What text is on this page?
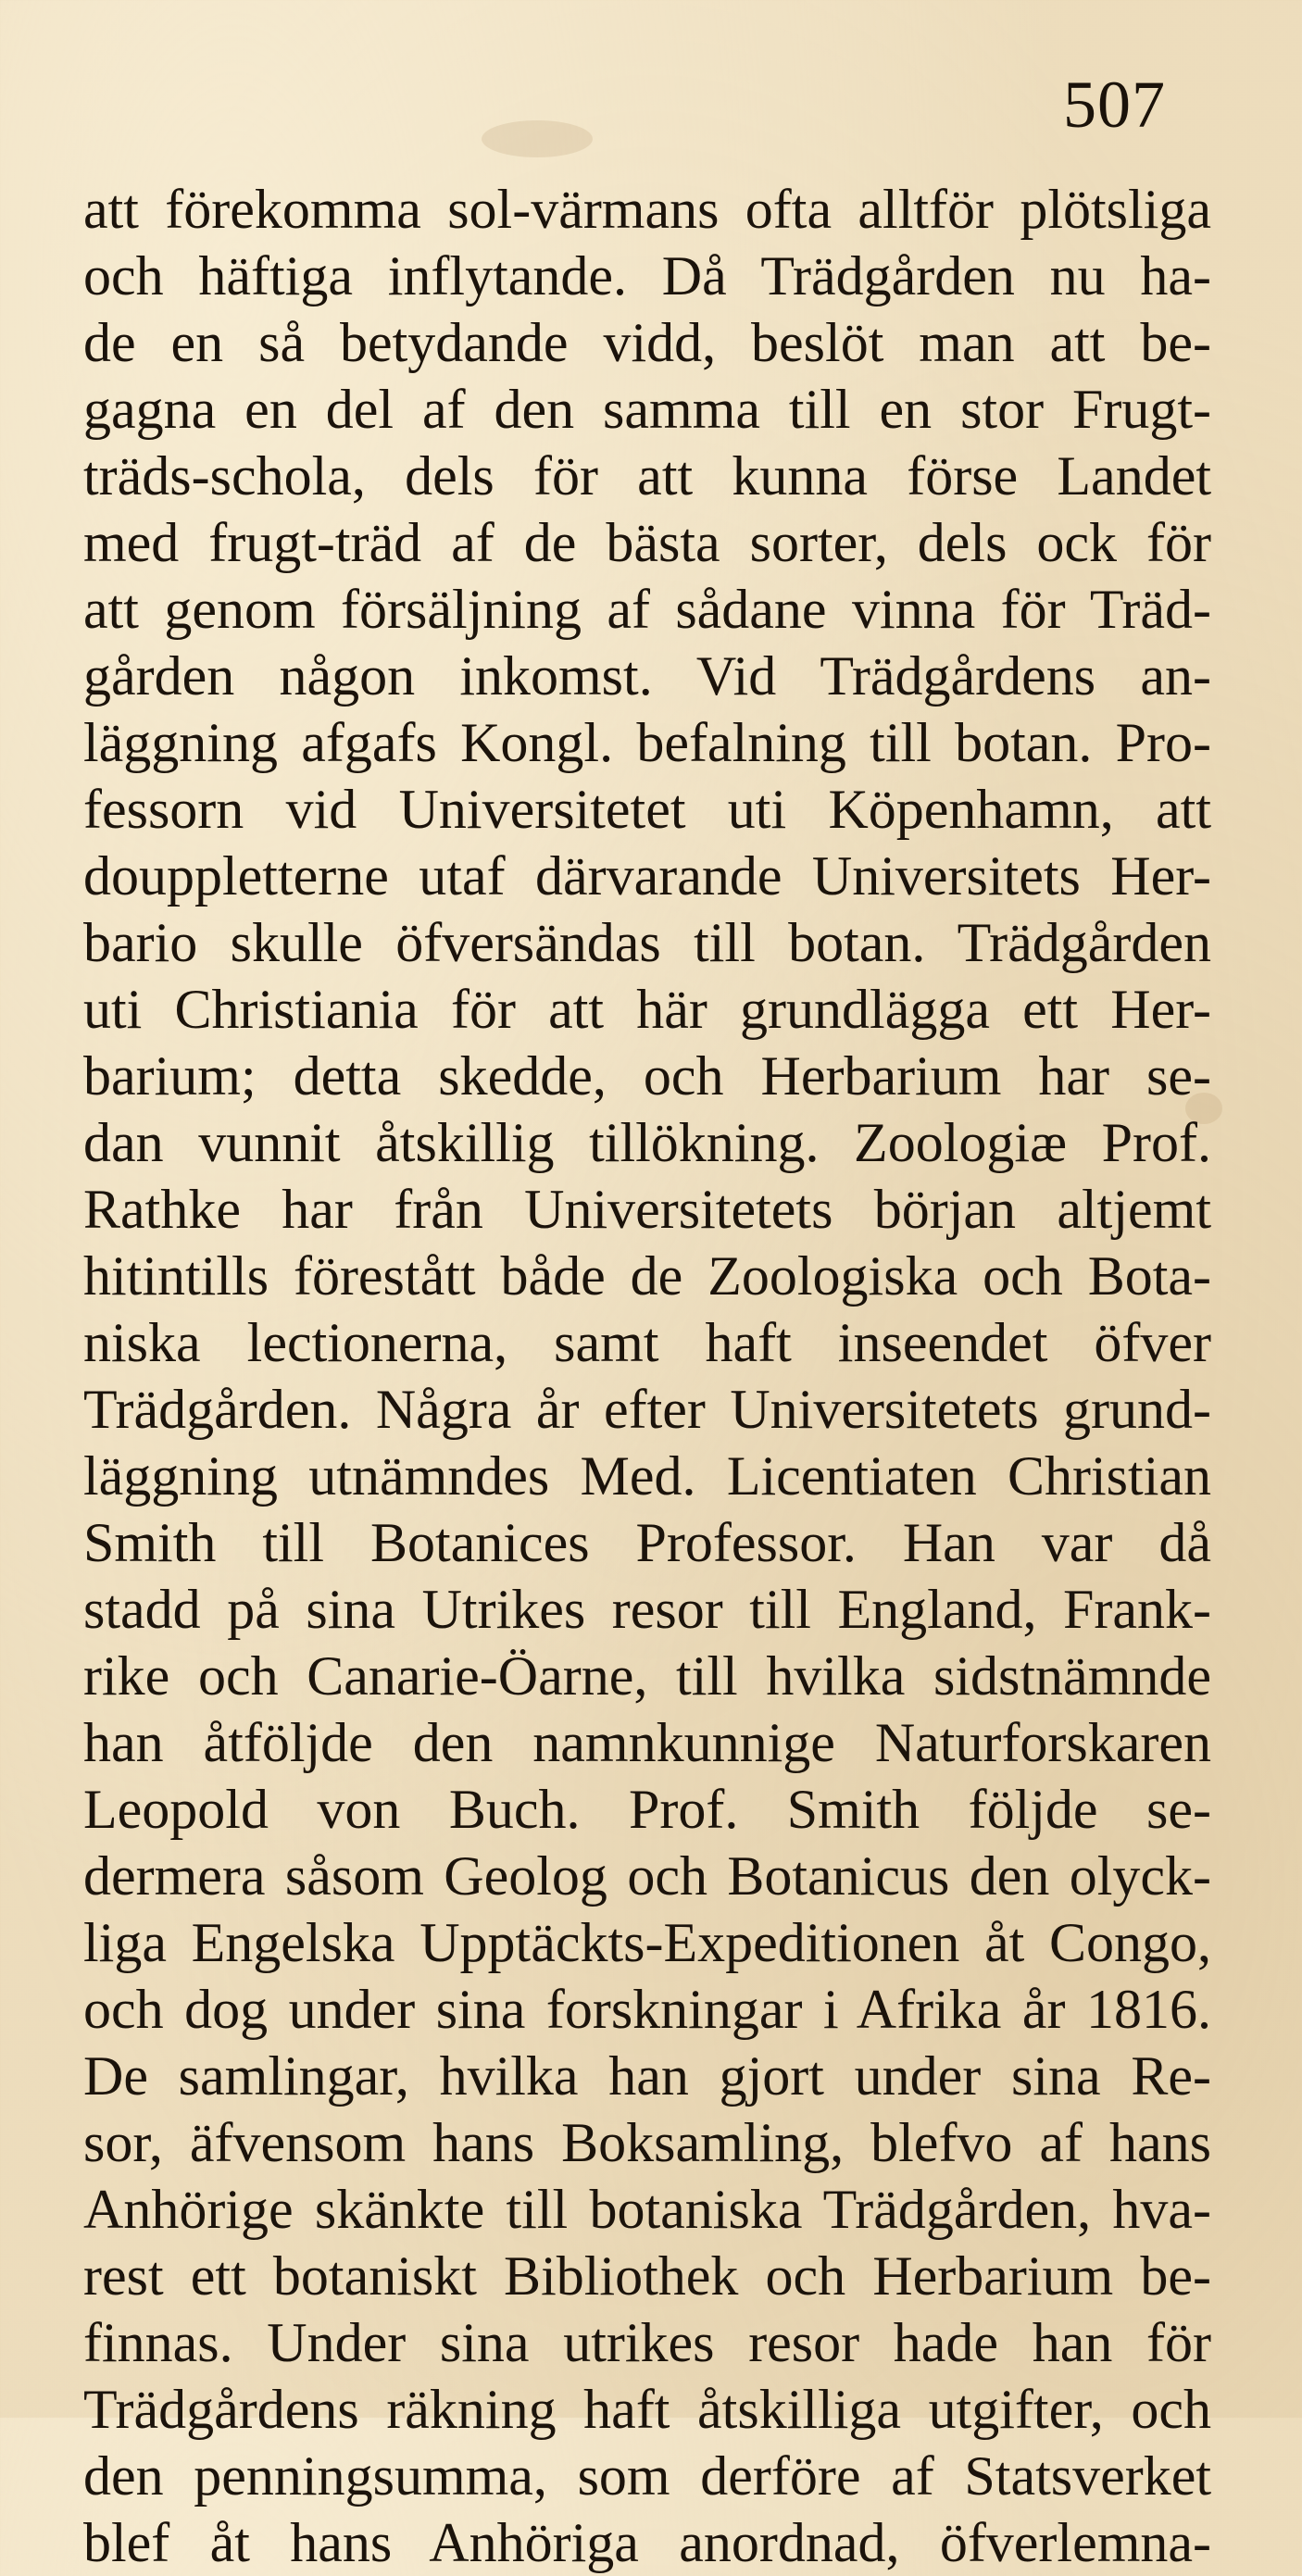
507
att förekomma sol-värmans ofta alltför plötsliga
och häftiga inflytande. Då Trädgården nu ha-
de en så betydande vidd, beslöt man att be-
gagna en del af den samma till en stor Frugt-
träds-schola, dels för att kunna förse Landet
med frugt-träd af de bästa sorter, dels ock för
att genom försäljning af sådane vinna för Träd-
gården någon inkomst. Vid Trädgårdens an-
läggning afgafs Kongl. befalning till botan. Pro-
fessorn vid Universitetet uti Köpenhamn, att
douppletterne utaf därvarande Universitets Her-
bario skulle öfversändas till botan. Trädgården
uti Christiania för att här grundlägga ett Her-
barium; detta skedde, och Herbarium har se-
dan vunnit åtskillig tillökning. Zoologiæ Prof.
Rathke har från Universitetets början altjemt
hitintills förestått både de Zoologiska och Bota-
niska lectionerna, samt haft inseendet öfver
Trädgården. Några år efter Universitetets grund-
läggning utnämndes Med. Licentiaten Christian
Smith till Botanices Professor. Han var då
stadd på sina Utrikes resor till England, Frank-
rike och Canarie-Öarne, till hvilka sidstnämnde
han åtföljde den namnkunnige Naturforskaren
Leopold von Buch. Prof. Smith följde se-
dermera såsom Geolog och Botanicus den olyck-
liga Engelska Upptäckts-Expeditionen åt Congo,
och dog under sina forskningar i Afrika år 1816.
De samlingar, hvilka han gjort under sina Re-
sor, äfvensom hans Boksamling, blefvo af hans
Anhörige skänkte till botaniska Trädgården, hva-
rest ett botaniskt Bibliothek och Herbarium be-
finnas. Under sina utrikes resor hade han för
Trädgårdens räkning haft åtskilliga utgifter, och
den penningsumma, som derföre af Statsverket
blef åt hans Anhöriga anordnad, öfverlemna-
